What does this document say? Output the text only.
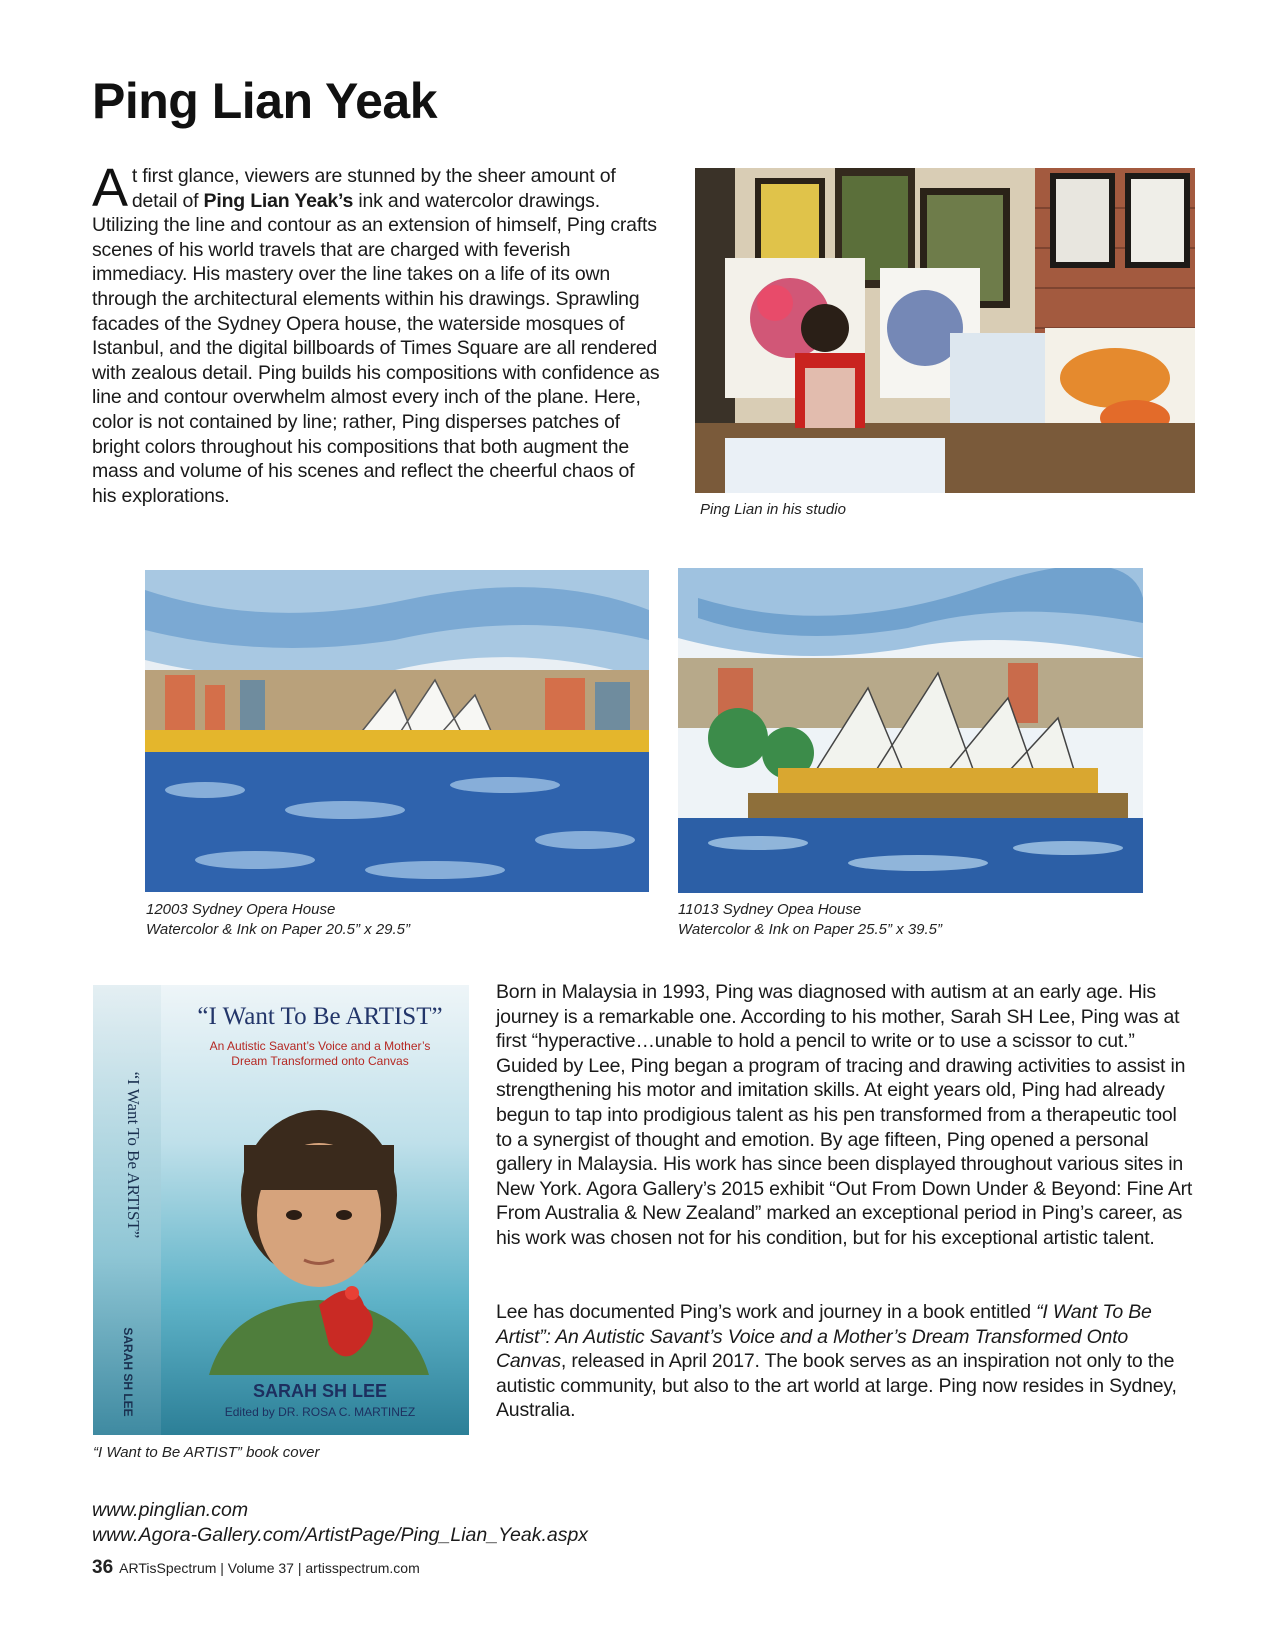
Ping Lian Yeak

At first glance, viewers are stunned by the sheer amount of detail of Ping Lian Yeak’s ink and watercolor drawings. Utilizing the line and contour as an extension of himself, Ping crafts scenes of his world travels that are charged with feverish immediacy. His mastery over the line takes on a life of its own through the architectural elements within his drawings. Sprawling facades of the Sydney Opera house, the waterside mosques of Istanbul, and the digital billboards of Times Square are all rendered with zealous detail. Ping builds his compositions with confidence as line and contour overwhelm almost every inch of the plane. Here, color is not contained by line; rather, Ping disperses patches of bright colors throughout his compositions that both augment the mass and volume of his scenes and reflect the cheerful chaos of his explorations.

Ping Lian in his studio

12003 Sydney Opera House
Watercolor & Ink on Paper 20.5” x 29.5”

11013 Sydney Opea House
Watercolor & Ink on Paper 25.5” x 39.5”

“I Want To Be ARTIST”
SARAH SH LEE
“I Want To Be ARTIST”
An Autistic Savant’s Voice and a Mother’s
Dream Transformed onto Canvas
SARAH SH LEE
Edited by DR. ROSA C. MARTINEZ

“I Want to Be ARTIST” book cover

Born in Malaysia in 1993, Ping was diagnosed with autism at an early age. His journey is a remarkable one. According to his mother, Sarah SH Lee, Ping was at first “hyperactive…unable to hold a pencil to write or to use a scissor to cut.” Guided by Lee, Ping began a program of tracing and drawing activities to assist in strengthening his motor and imitation skills. At eight years old, Ping had already begun to tap into prodigious talent as his pen transformed from a therapeutic tool to a synergist of thought and emotion. By age fifteen, Ping opened a personal gallery in Malaysia. His work has since been displayed throughout various sites in New York. Agora Gallery’s 2015 exhibit “Out From Down Under & Beyond: Fine Art From Australia & New Zealand” marked an exceptional period in Ping’s career, as his work was chosen not for his condition, but for his exceptional artistic talent.

Lee has documented Ping’s work and journey in a book entitled “I Want To Be Artist”: An Autistic Savant’s Voice and a Mother’s Dream Transformed Onto Canvas, released in April 2017. The book serves as an inspiration not only to the autistic community, but also to the art world at large. Ping now resides in Sydney, Australia.

www.pinglian.com
www.Agora-Gallery.com/ArtistPage/Ping_Lian_Yeak.aspx
36 ARTisSpectrum | Volume 37 | artisspectrum.com
